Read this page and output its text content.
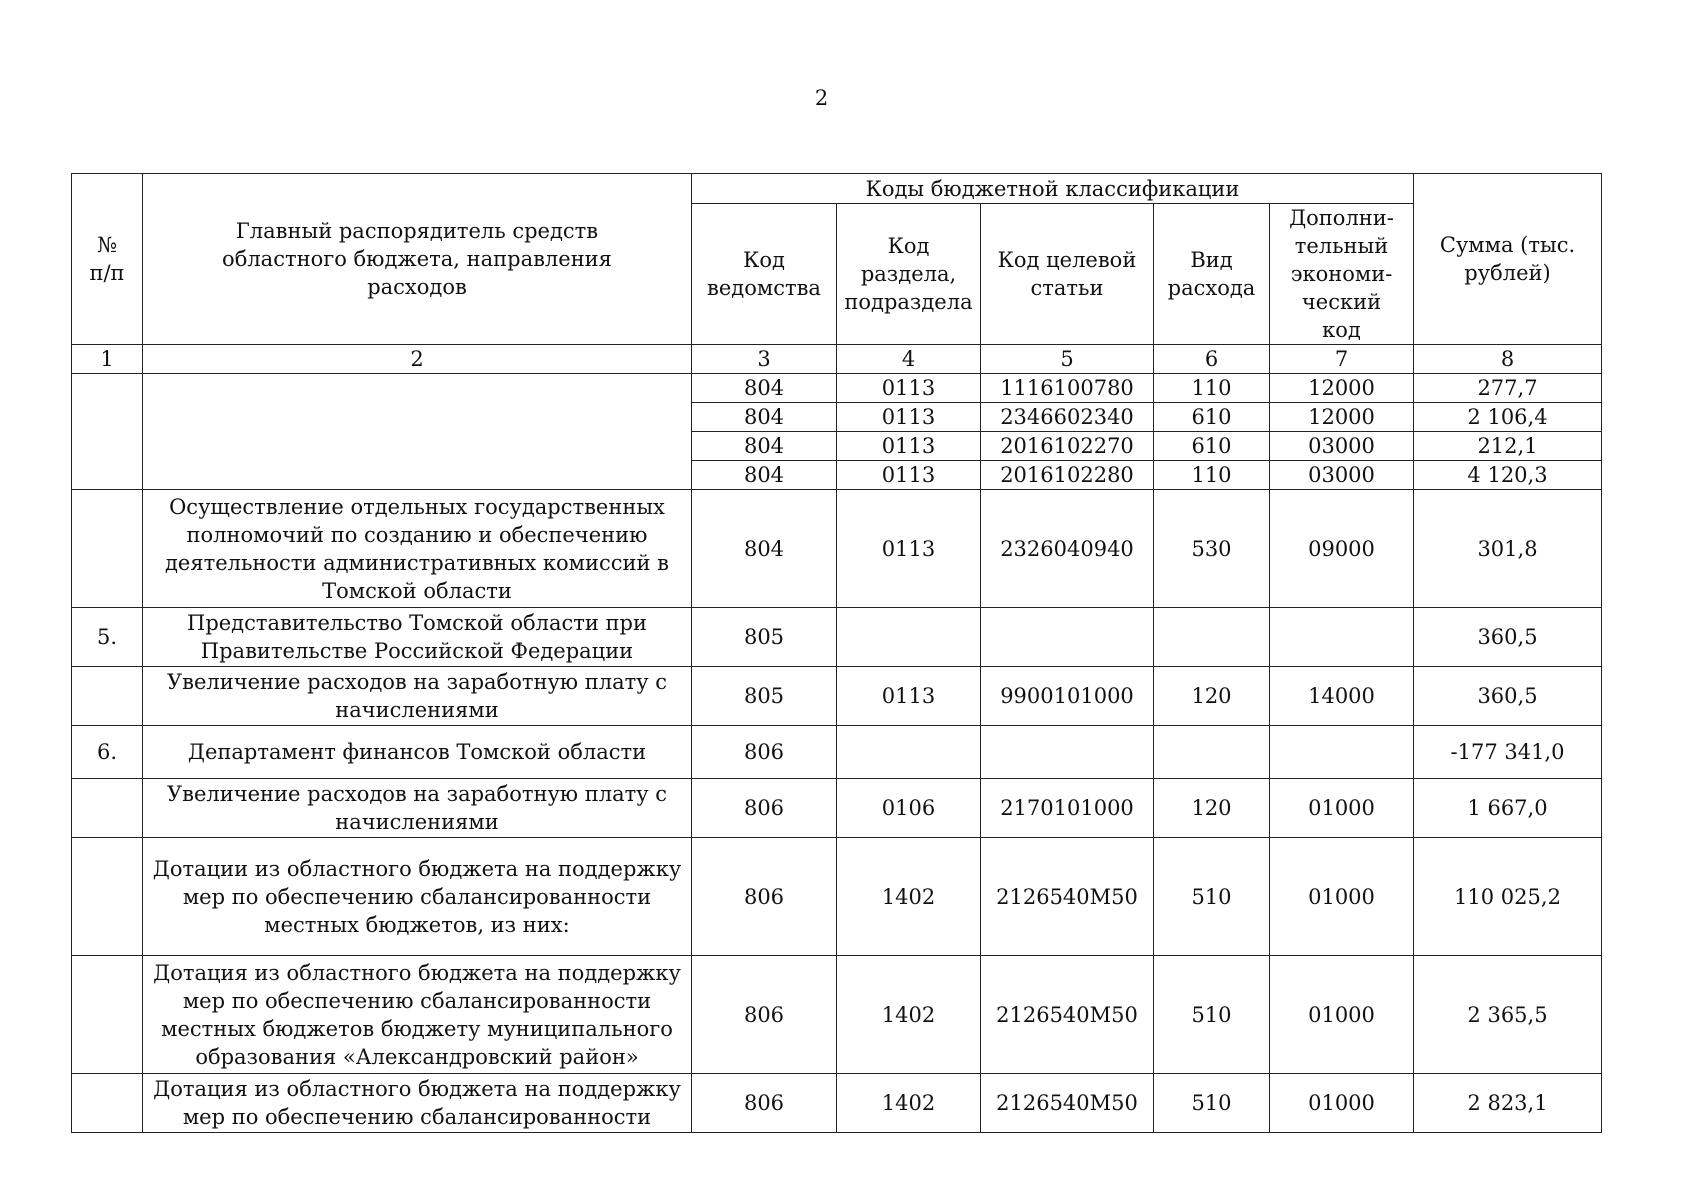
2
№ п/п	Главный распорядитель средств областного бюджета, направления расходов	Коды бюджетной классификации					Сумма (тыс. рублей)
		Код ведомства	Код раздела, подраздела	Код целевой статьи	Вид расхода	Дополни-тельный экономи-ческий код	
1	2	3	4	5	6	7	8
		804	0113	1116100780	110	12000	277,7
		804	0113	2346602340	610	12000	2 106,4
		804	0113	2016102270	610	03000	212,1
		804	0113	2016102280	110	03000	4 120,3
	Осуществление отдельных государственных полномочий по созданию и обеспечению деятельности административных комиссий в Томской области	804	0113	2326040940	530	09000	301,8
5.	Представительство Томской области при Правительстве Российской Федерации	805					360,5
	Увеличение расходов на заработную плату с начислениями	805	0113	9900101000	120	14000	360,5
6.	Департамент финансов Томской области	806					-177 341,0
	Увеличение расходов на заработную плату с начислениями	806	0106	2170101000	120	01000	1 667,0
	Дотации из областного бюджета на поддержку мер по обеспечению сбалансированности местных бюджетов, из них:	806	1402	2126540M50	510	01000	110 025,2
	Дотация из областного бюджета на поддержку мер по обеспечению сбалансированности местных бюджетов бюджету муниципального образования «Александровский район»	806	1402	2126540M50	510	01000	2 365,5
	Дотация из областного бюджета на поддержку мер по обеспечению сбалансированности	806	1402	2126540M50	510	01000	2 823,1
